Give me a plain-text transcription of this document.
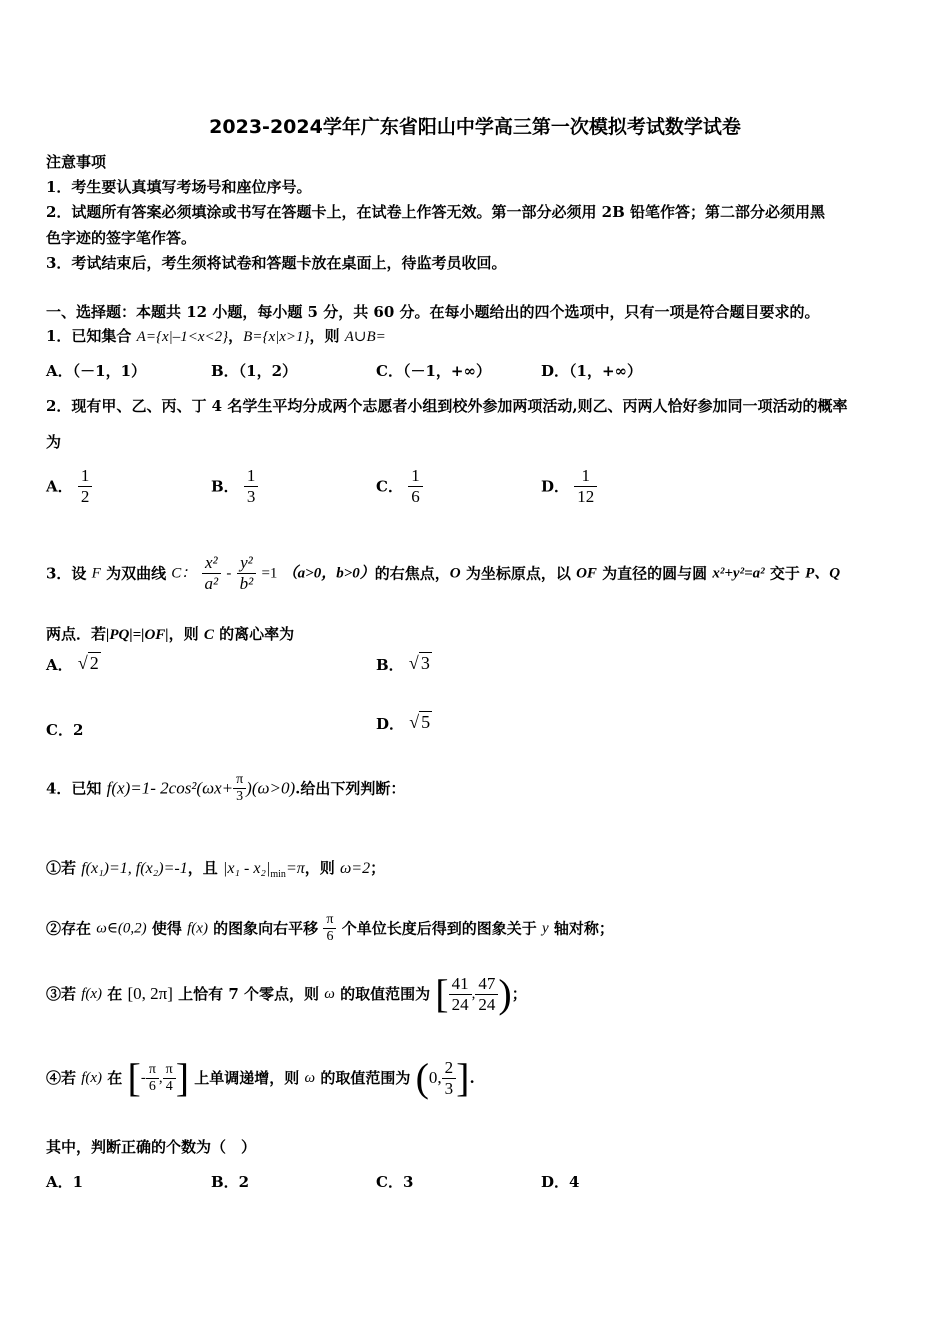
2023-2024学年广东省阳山中学高三第一次模拟考试数学试卷
注意事项
1．考生要认真填写考场号和座位序号。
2．试题所有答案必须填涂或书写在答题卡上，在试卷上作答无效。第一部分必须用 2B 铅笔作答；第二部分必须用黑
色字迹的签字笔作答。
3．考试结束后，考生须将试卷和答题卡放在桌面上，待监考员收回。
一、选择题：本题共 12 小题，每小题 5 分，共 60 分。在每小题给出的四个选项中，只有一项是符合题目要求的。
1．已知集合 A={x|–1<x<2}，B={x|x>1}，则 A∪B=
A．（－1，1）	B．（1，2）	C．（－1，+∞）	D．（1，+∞）
2．现有甲、乙、丙、丁 4 名学生平均分成两个志愿者小组到校外参加两项活动,则乙、丙两人恰好参加同一项活动的概率
为
A． $\frac{1}{2}$	B． $\frac{1}{3}$	C． $\frac{1}{6}$	D． $\frac{1}{12}$
3．设 F 为双曲线 C： $\frac{\text{x²}}{\text{a²}} - \frac{\text{y²}}{\text{b²}} =1$ （a>0，b>0）的右焦点，O 为坐标原点，以 OF 为直径的圆与圆 x²+y²=a² 交于 P、Q
两点．若|PQ|=|OF|，则 C 的离心率为
A． √ 2	B． √ 3
C．2	D． √ 5
4．已知 f(x)=1- $2\cos^2(\omega x+ \frac{\pi}{3} )(\omega>0)$.给出下列判断：
①若 f(x₁)=1, f(x₂)=-1，且 $|x_1 - x_2|_{min}=\pi$，则 ω=2；
②存在 ω∈(0,2) 使得 f(x) 的图象向右平移 $\frac{\pi}{6}$ 个单位长度后得到的图象关于 y 轴对称；
③若 f(x) 在 [0, 2π] 上恰有 7 个零点，则 ω 的取值范围为 [ $\frac{41}{24}$ , $\frac{47}{24}$ )；
④若 f(x) 在 [- $\frac{\pi}{6}$ , $\frac{\pi}{4}$ ] 上单调递增，则 ω 的取值范围为 (0, $\frac{2}{3}$ ].
其中，判断正确的个数为（　）
A．1	B．2	C．3	D．4
